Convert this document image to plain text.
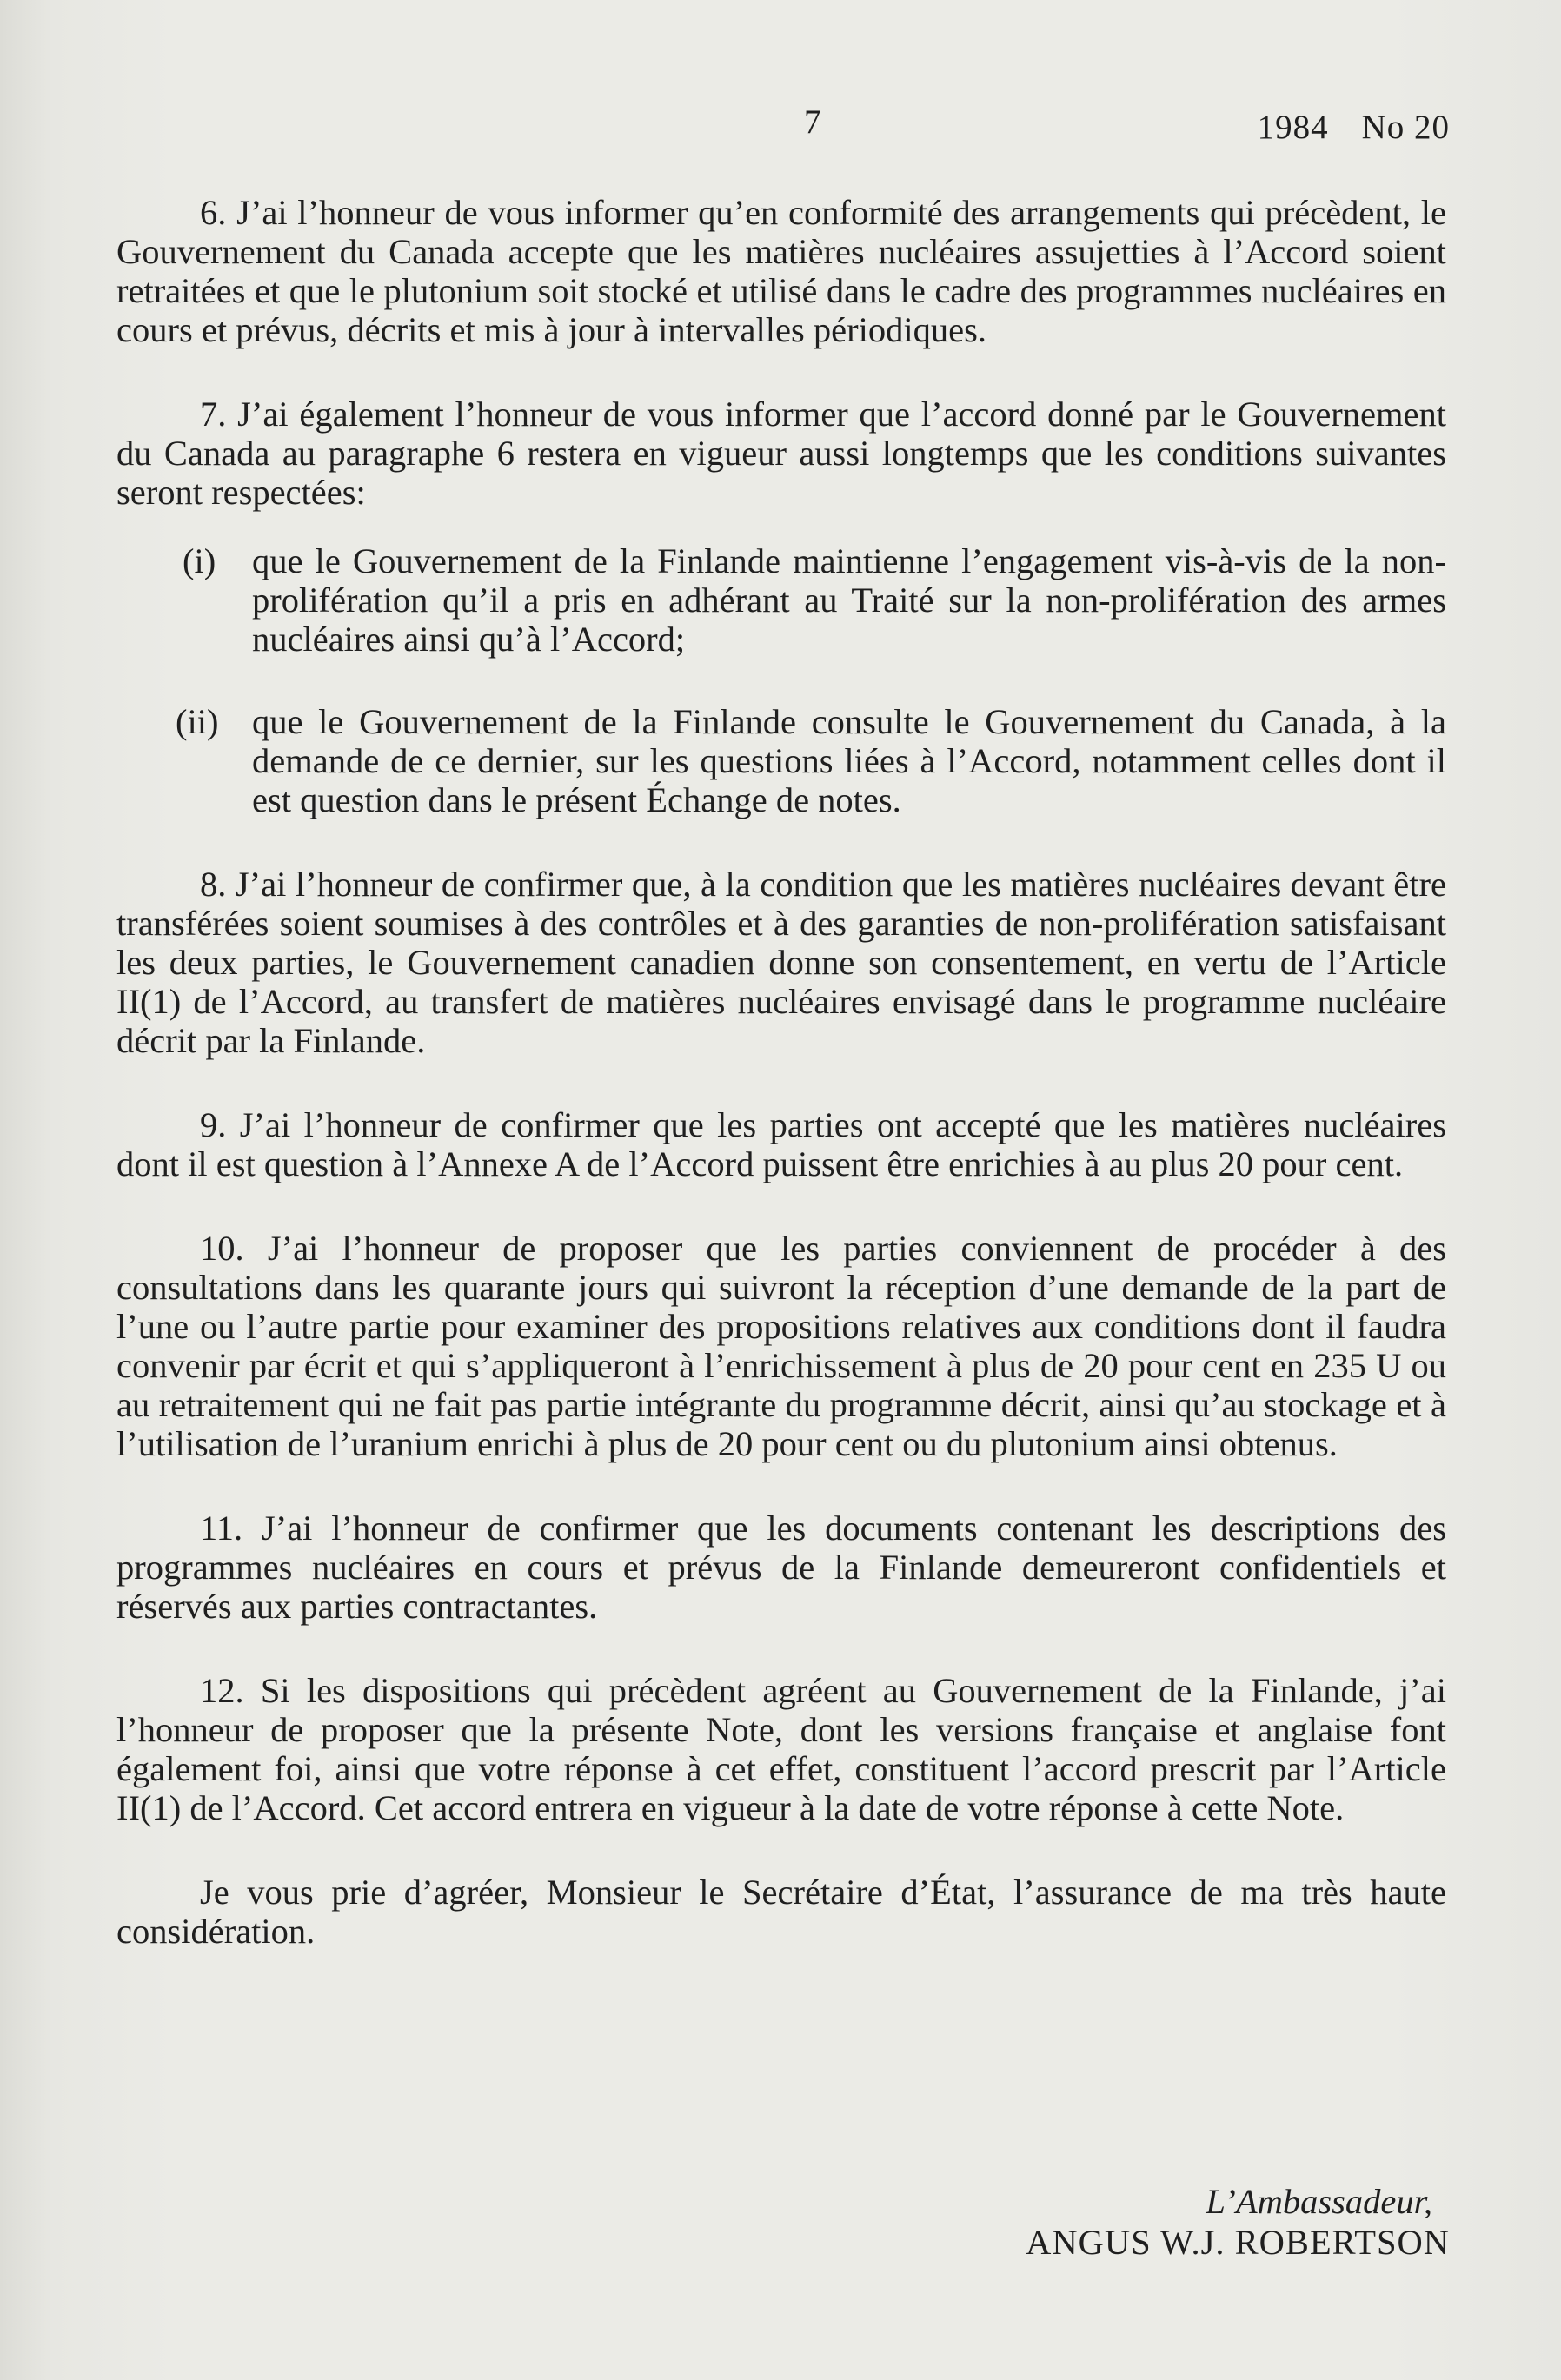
7	1984 No 20

6. J’ai l’honneur de vous informer qu’en conformité des arrangements qui précèdent, le Gouvernement du Canada accepte que les matières nucléaires assujetties à l’Accord soient retraitées et que le plutonium soit stocké et utilisé dans le cadre des programmes nucléaires en cours et prévus, décrits et mis à jour à intervalles périodiques.

7. J’ai également l’honneur de vous informer que l’accord donné par le Gouvernement du Canada au paragraphe 6 restera en vigueur aussi longtemps que les conditions suivantes seront respectées:

(i) que le Gouvernement de la Finlande maintienne l’engagement vis-à-vis de la non-prolifération qu’il a pris en adhérant au Traité sur la non-prolifération des armes nucléaires ainsi qu’à l’Accord;
(ii) que le Gouvernement de la Finlande consulte le Gouvernement du Canada, à la demande de ce dernier, sur les questions liées à l’Accord, notamment celles dont il est question dans le présent Échange de notes.

8. J’ai l’honneur de confirmer que, à la condition que les matières nucléaires devant être transférées soient soumises à des contrôles et à des garanties de non-prolifération satisfaisant les deux parties, le Gouvernement canadien donne son consentement, en vertu de l’Article II(1) de l’Accord, au transfert de matières nucléaires envisagé dans le programme nucléaire décrit par la Finlande.

9. J’ai l’honneur de confirmer que les parties ont accepté que les matières nucléaires dont il est question à l’Annexe A de l’Accord puissent être enrichies à au plus 20 pour cent.

10. J’ai l’honneur de proposer que les parties conviennent de procéder à des consultations dans les quarante jours qui suivront la réception d’une demande de la part de l’une ou l’autre partie pour examiner des propositions relatives aux conditions dont il faudra convenir par écrit et qui s’appliqueront à l’enrichissement à plus de 20 pour cent en 235 U ou au retraitement qui ne fait pas partie intégrante du programme décrit, ainsi qu’au stockage et à l’utilisation de l’uranium enrichi à plus de 20 pour cent ou du plutonium ainsi obtenus.

11. J’ai l’honneur de confirmer que les documents contenant les descriptions des programmes nucléaires en cours et prévus de la Finlande demeureront confidentiels et réservés aux parties contractantes.

12. Si les dispositions qui précèdent agréent au Gouvernement de la Finlande, j’ai l’honneur de proposer que la présente Note, dont les versions française et anglaise font également foi, ainsi que votre réponse à cet effet, constituent l’accord prescrit par l’Article II(1) de l’Accord. Cet accord entrera en vigueur à la date de votre réponse à cette Note.

Je vous prie d’agréer, Monsieur le Secrétaire d’État, l’assurance de ma très haute considération.

L’Ambassadeur,
ANGUS W.J. ROBERTSON
